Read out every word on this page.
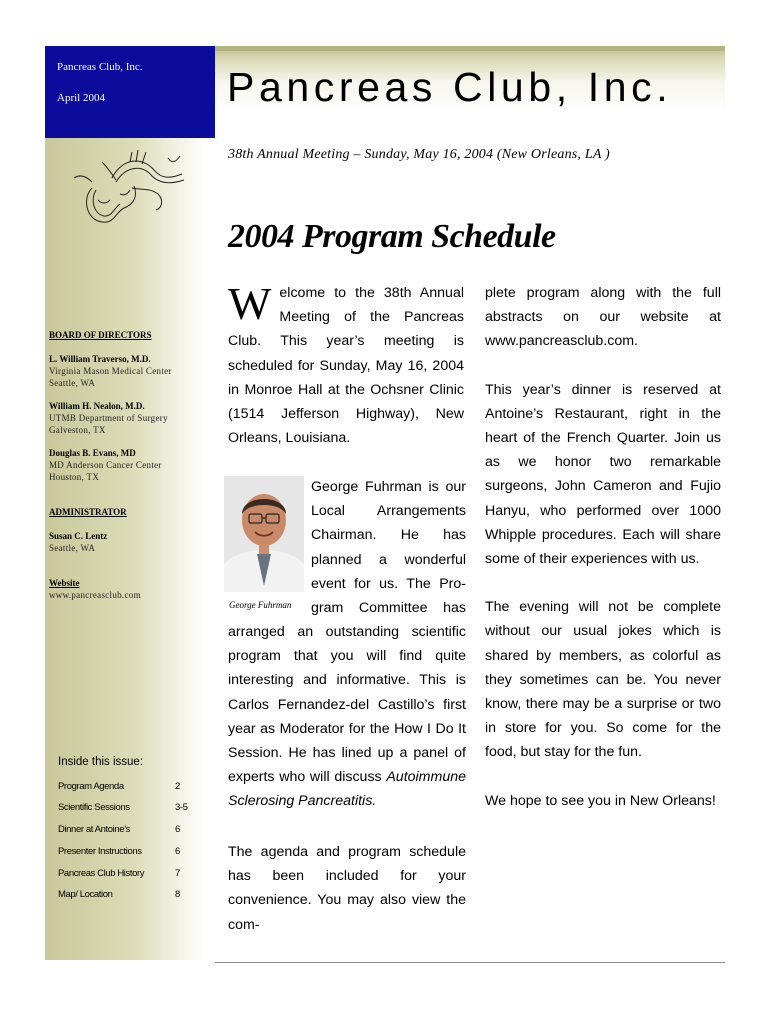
Pancreas Club, Inc.
April 2004	Pancreas Club, Inc.
38th Annual Meeting – Sunday, May 16, 2004 (New Orleans, LA )
2004 Program Schedule
BOARD OF DIRECTORS
L. William Traverso, M.D.
Virginia Mason Medical Center
Seattle, WA
William H. Nealon, M.D.
UTMB Department of Surgery
Galveston, TX
Douglas B. Evans, MD
MD Anderson Cancer Center
Houston, TX
ADMINISTRATOR
Susan C. Lentz
Seattle, WA
Website
www.pancreasclub.com
Inside this issue:
Program Agenda	2
Scientific Sessions	3-5
Dinner at Antoine’s	6
Presenter Instructions	6
Pancreas Club History	7
Map/ Location	8
Welcome to the 38th Annual Meeting of the Pancreas Club. This year’s meeting is scheduled for Sunday, May 16, 2004 in Monroe Hall at the Ochsner Clinic (1514 Jefferson Highway), New Orleans, Louisiana.
George Fuhrman
George Fuhrman is our
Local Arrangements
Chairman. He has
planned a wonderful
event for us. The Pro-
gram Committee has

arranged an outstanding scientific program that you will find quite interesting and informative. This is Carlos Fernandez-del Castillo’s first year as Moderator for the How I Do It Session. He has lined up a panel of experts who will discuss Autoimmune Sclerosing Pancreatitis.

The agenda and program schedule has been included for your convenience. You may also view the com-

plete program along with the full abstracts on our website at www.pancreasclub.com.

This year’s dinner is reserved at Antoine’s Restaurant, right in the heart of the French Quarter. Join us as we honor two remarkable surgeons, John Cameron and Fujio Hanyu, who performed over 1000 Whipple procedures. Each will share some of their experiences with us.

The evening will not be complete without our usual jokes which is shared by members, as colorful as they sometimes can be. You never know, there may be a surprise or two in store for you. So come for the food, but stay for the fun.

We hope to see you in New Orleans!
